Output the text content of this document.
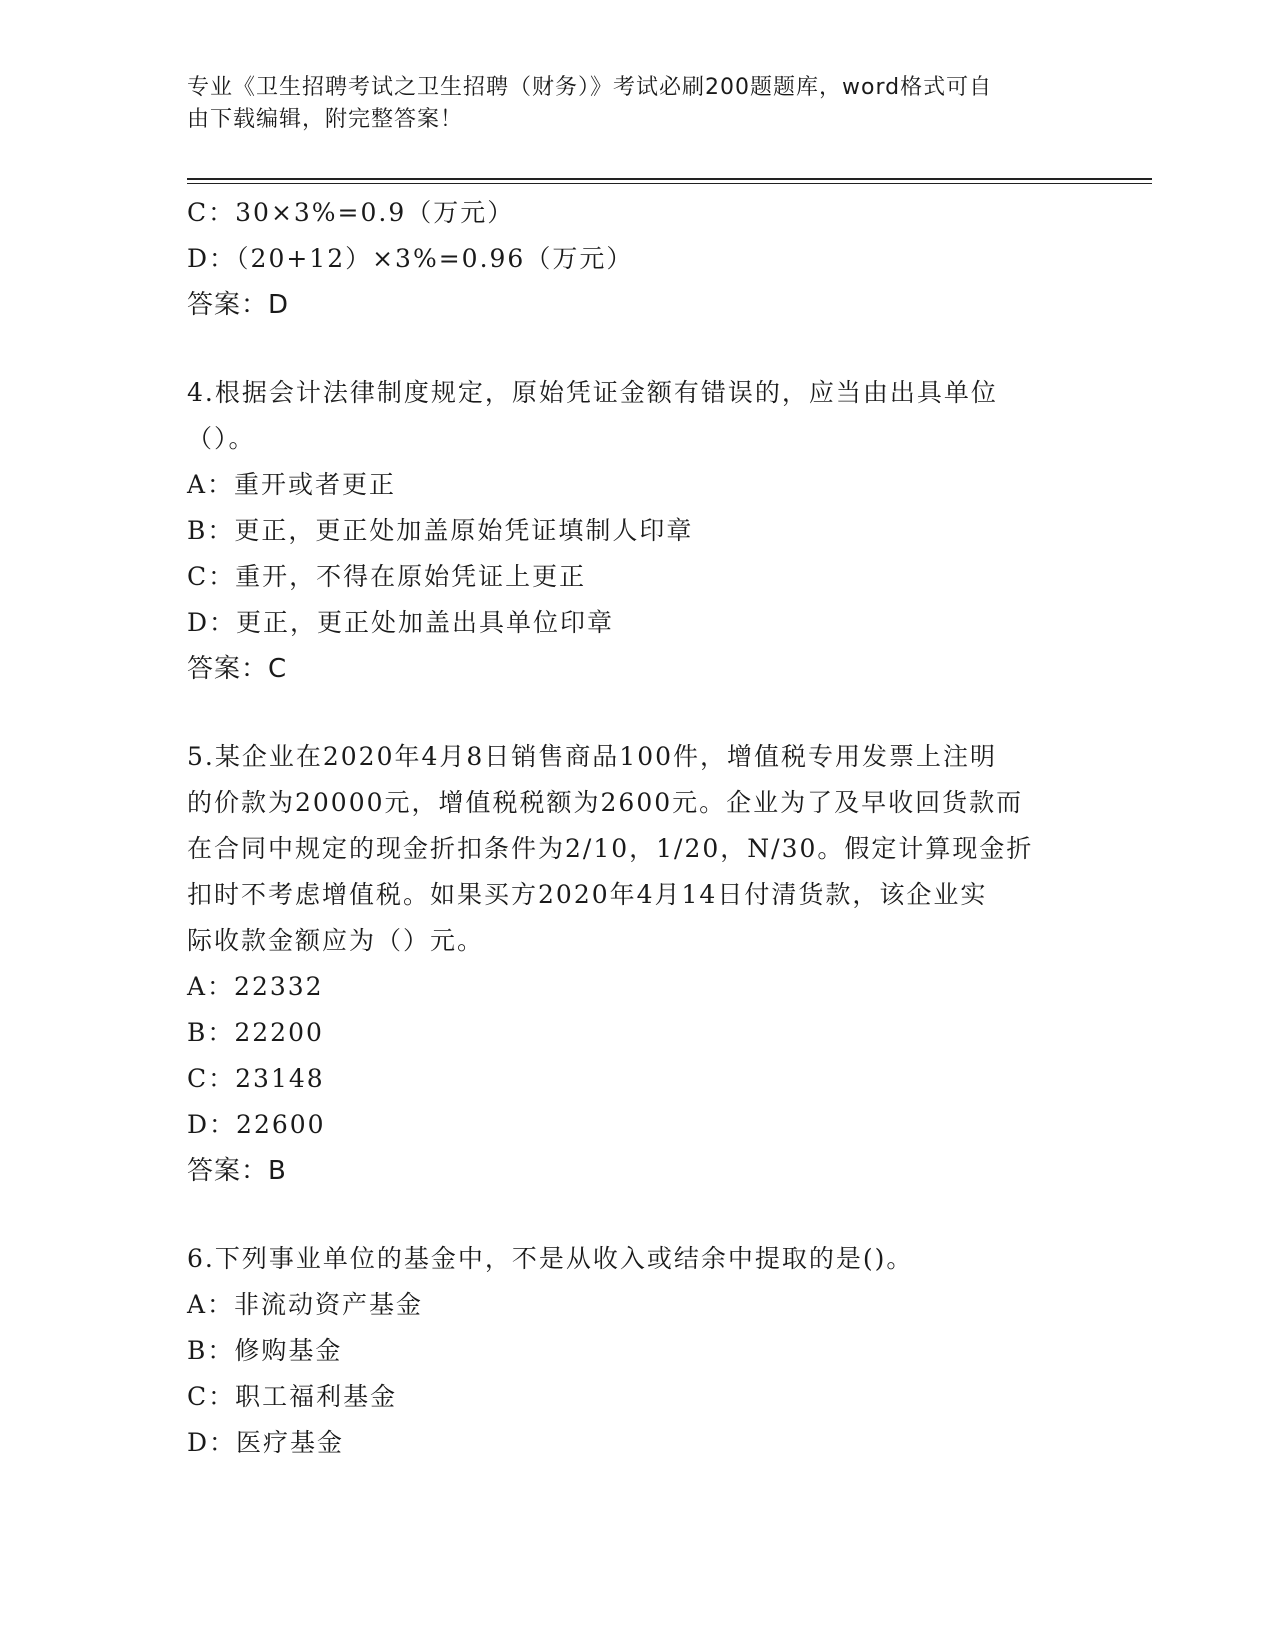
专业《卫生招聘考试之卫生招聘（财务）》考试必刷200题题库，word格式可自
由下载编辑，附完整答案！
C：30×3%=0.9（万元）
D：（20+12）×3%=0.96（万元）
答案：D
4.根据会计法律制度规定，原始凭证金额有错误的，应当由出具单位
（）。
A：重开或者更正
B：更正，更正处加盖原始凭证填制人印章
C：重开，不得在原始凭证上更正
D：更正，更正处加盖出具单位印章
答案：C
5.某企业在2020年4月8日销售商品100件，增值税专用发票上注明
的价款为20000元，增值税税额为2600元。企业为了及早收回货款而
在合同中规定的现金折扣条件为2/10，1/20，N/30。假定计算现金折
扣时不考虑增值税。如果买方2020年4月14日付清货款，该企业实
际收款金额应为（）元。
A：22332
B：22200
C：23148
D：22600
答案：B
6.下列事业单位的基金中，不是从收入或结余中提取的是()。
A：非流动资产基金
B：修购基金
C：职工福利基金
D：医疗基金
